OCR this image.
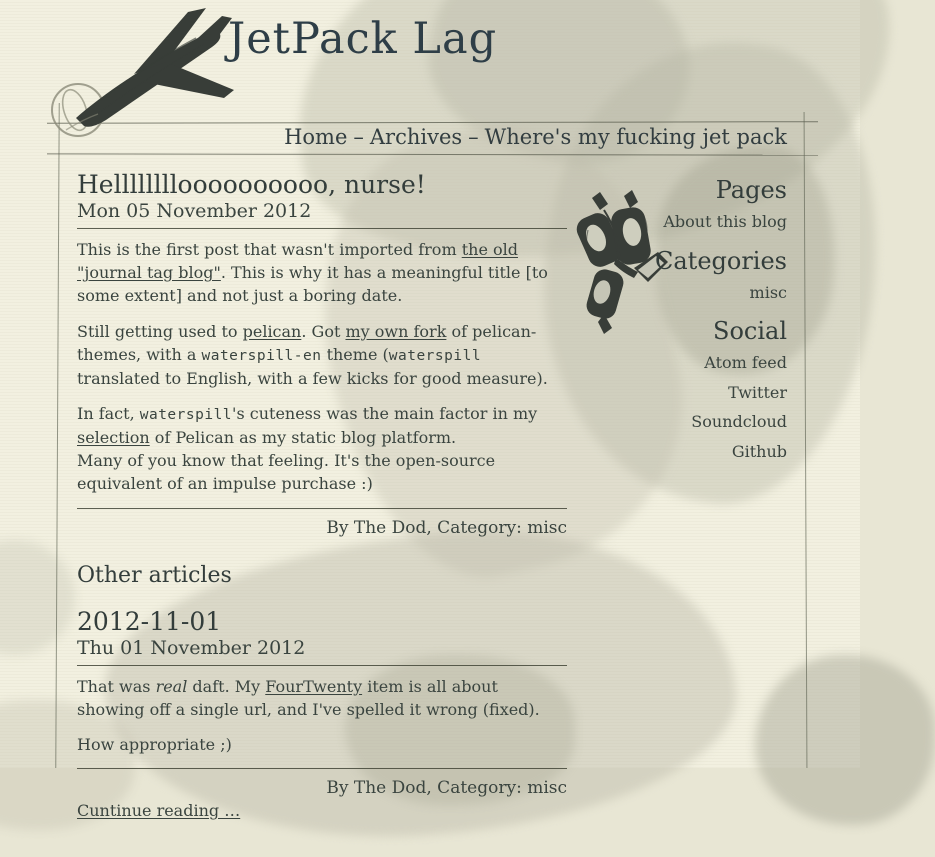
JetPack Lag
Home – Archives – Where's my fucking jet pack
Helllllllloooooooooo, nurse!
Mon 05 November 2012

This is the first post that wasn't imported from the old "journal tag blog". This is why it has a meaningful title [to some extent] and not just a boring date.

Still getting used to pelican. Got my own fork of pelican-themes, with a waterspill-en theme (waterspill translated to English, with a few kicks for good measure).

In fact, waterspill's cuteness was the main factor in my selection of Pelican as my static blog platform.
Many of you know that feeling. It's the open-source equivalent of an impulse purchase :)

By The Dod, Category: misc
Other articles
2012-11-01
Thu 01 November 2012

That was real daft. My FourTwenty item is all about showing off a single url, and I've spelled it wrong (fixed).

How appropriate ;)

By The Dod, Category: misc
Cuntinue reading …
Pages
About this blog
Categories
misc
Social
Atom feed
Twitter
Soundcloud
Github
